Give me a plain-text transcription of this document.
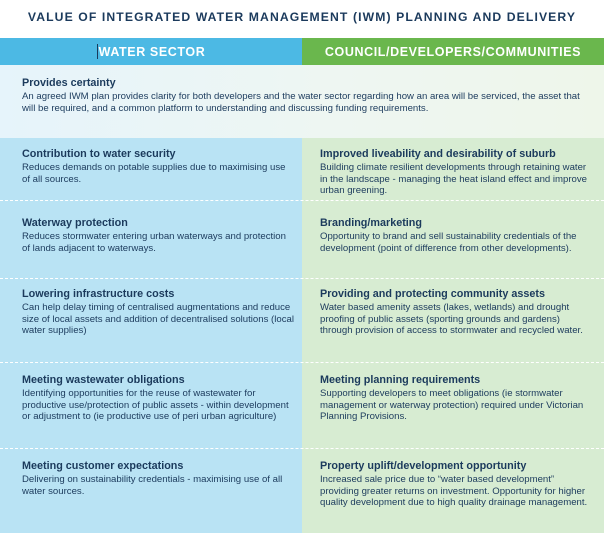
VALUE OF INTEGRATED WATER MANAGEMENT (IWM) PLANNING AND DELIVERY
WATER SECTOR	COUNCIL/DEVELOPERS/COMMUNITIES
Provides certainty

An agreed IWM plan provides clarity for both developers and the water sector regarding how an area will be serviced, the asset that will be required, and a common platform to understanding and discussing funding requirements.

Contribution to water security

Reduces demands on potable supplies due to maximising use of all sources.

Waterway protection

Reduces stormwater entering urban waterways and protection of lands adjacent to waterways.

Lowering infrastructure costs

Can help delay timing of centralised augmentations and reduce size of local assets and addition of decentralised solutions (local water supplies)

Meeting wastewater obligations

Identifying opportunities for the reuse of wastewater for productive use/protection of public assets - within development or adjustment to (ie productive use of peri urban agriculture)

Meeting customer expectations

Delivering on sustainability credentials - maximising use of all water sources.

Improved liveability and desirability of suburb

Building climate resilient developments through retaining water in the landscape - managing the heat island effect and improve urban greening.

Branding/marketing

Opportunity to brand and sell sustainability credentials of the development (point of difference from other developments).

Providing and protecting community assets

Water based amenity assets (lakes, wetlands) and drought proofing of public assets (sporting grounds and gardens) through provision of access to stormwater and recycled water.

Meeting planning requirements

Supporting developers to meet obligations (ie stormwater management or waterway protection) required under Victorian Planning Provisions.

Property uplift/development opportunity

Increased sale price due to “water based development” providing greater returns on investment. Opportunity for higher quality development due to high quality drainage management.
